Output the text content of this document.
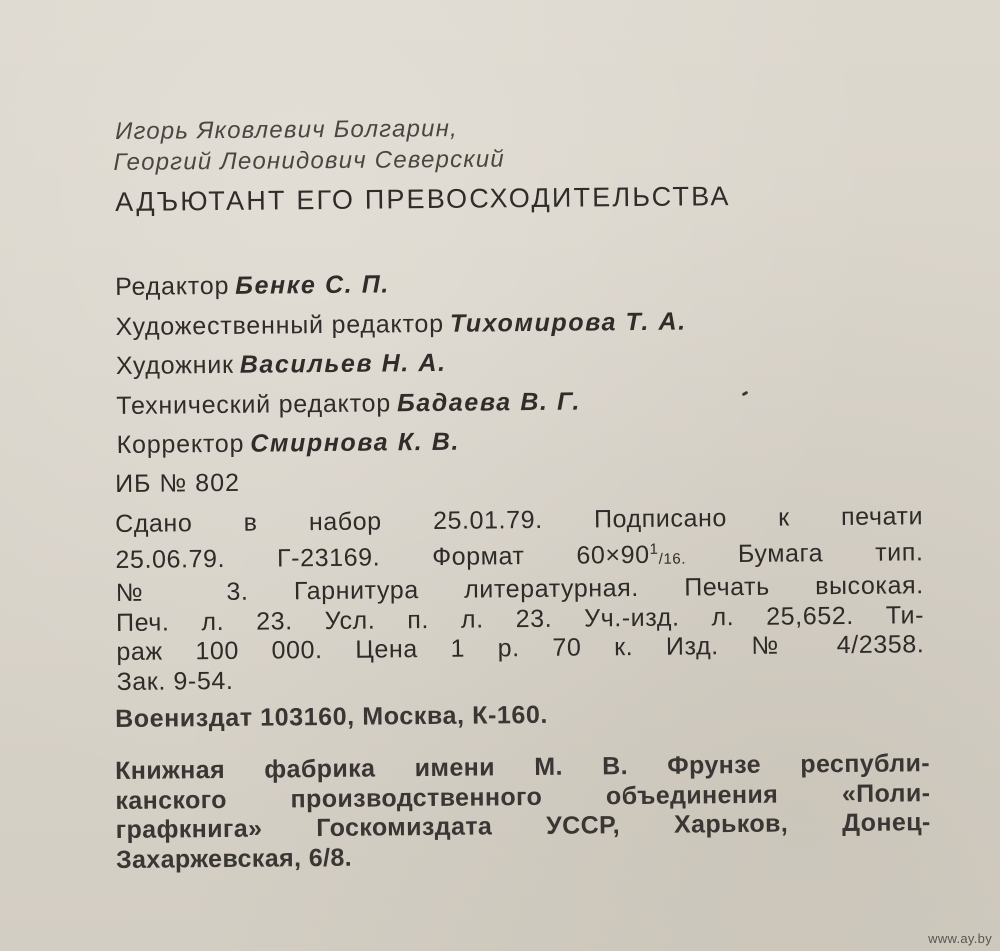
Игорь Яковлевич Болгарин,
Георгий Леонидович Северский
АДЪЮТАНТ ЕГО ПРЕВОСХОДИТЕЛЬСТВА
Редактор Бенке С. П.
Художественный редактор Тихомирова Т. А.
Художник Васильев Н. А.
Технический редактор Бадаева В. Г.
Корректор Смирнова К. В.
ИБ № 802
Сдано в набор 25.01.79. Подписано к печати
25.06.79. Г-23169. Формат $60\times 90^1_{/16.}$ Бумага тип.
№ 3. Гарнитура литературная. Печать высокая.
Печ. л. 23. Усл. п. л. 23. Уч.-изд. л. 25,652. Ти-
раж 100 000. Цена 1 р. 70 к. Изд. № 4/2358.
Зак. 9-54.
Воениздат 103160, Москва, К-160.
Книжная фабрика имени М. В. Фрунзе республи-
канского производственного объединения «Поли-
графкнига» Госкомиздата УССР, Харьков, Донец-
Захаржевская, 6/8.
www.ay.by
